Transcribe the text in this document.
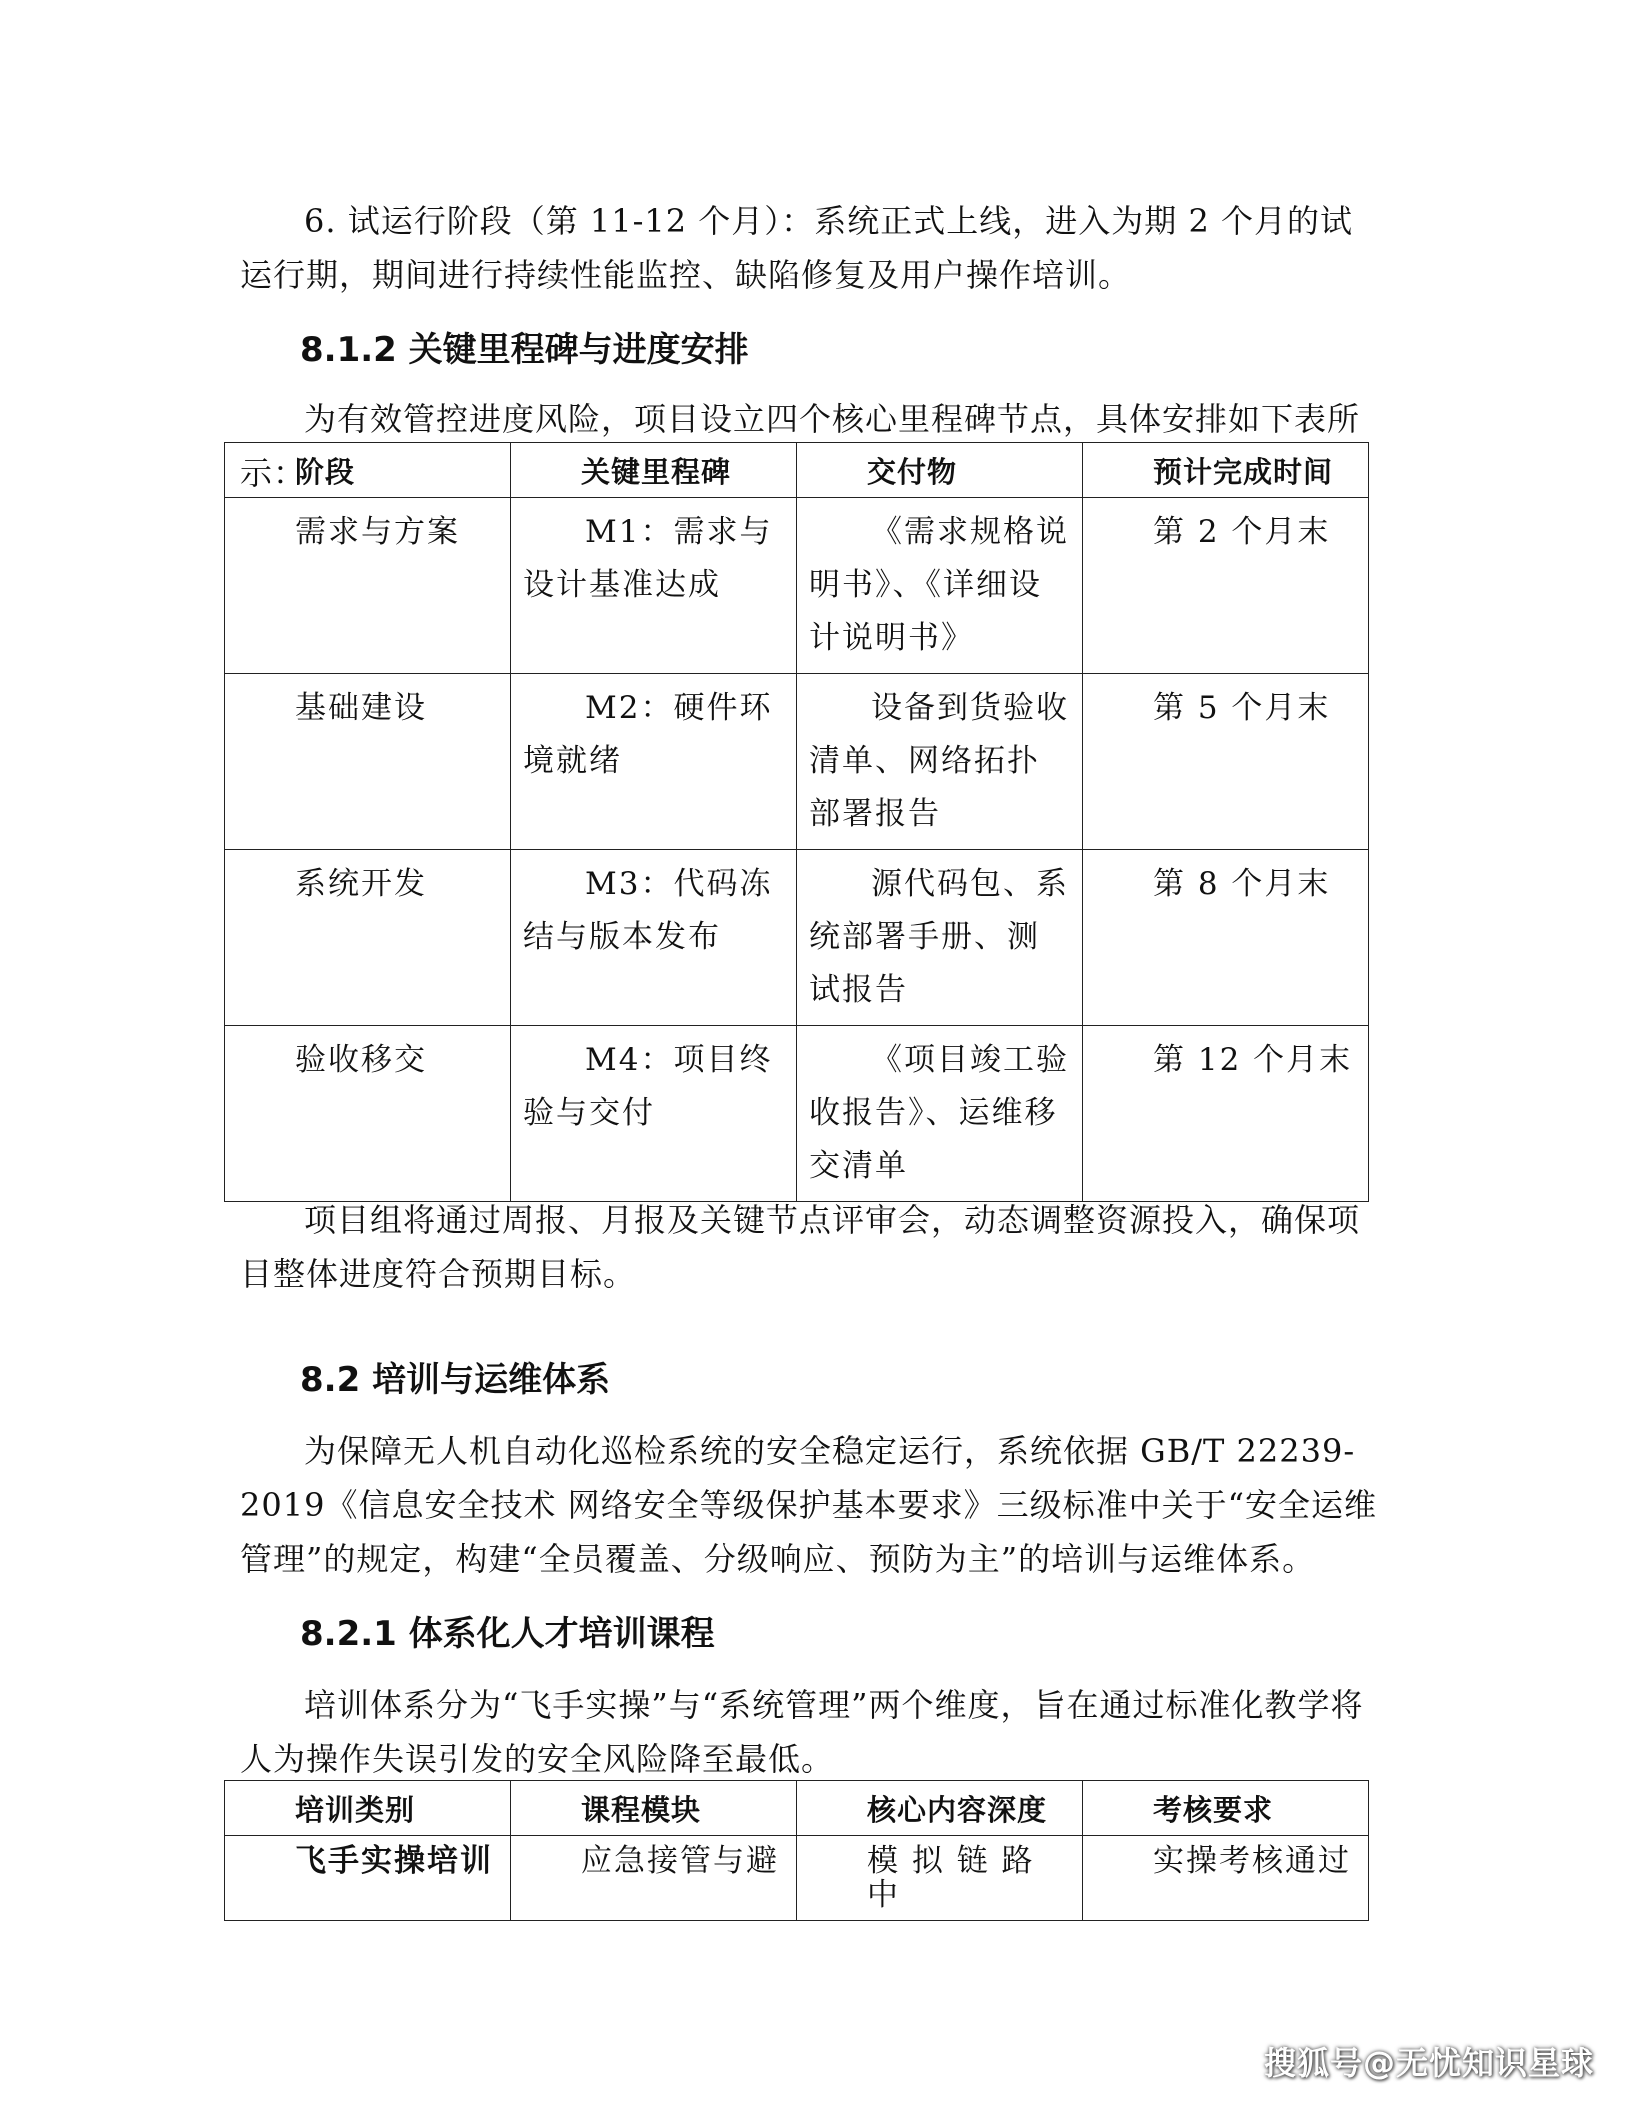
6. 试运行阶段（第 11-12 个月）：系统正式上线，进入为期 2 个月的试运行期，期间进行持续性能监控、缺陷修复及用户操作培训。

8.1.2 关键里程碑与进度安排

为有效管控进度风险，项目设立四个核心里程碑节点，具体安排如下表所示：

阶段	关键里程碑	交付物	预计完成时间
需求与方案	M1：需求与设计基准达成	《需求规格说明书》、《详细设计说明书》	第 2 个月末
基础建设	M2：硬件环境就绪	设备到货验收清单、网络拓扑部署报告	第 5 个月末
系统开发	M3：代码冻结与版本发布	源代码包、系统部署手册、测试报告	第 8 个月末
验收移交	M4：项目终验与交付	《项目竣工验收报告》、运维移交清单	第 12 个月末

项目组将通过周报、月报及关键节点评审会，动态调整资源投入，确保项目整体进度符合预期目标。

8.2 培训与运维体系

为保障无人机自动化巡检系统的安全稳定运行，系统依据 GB/T 22239-2019《信息安全技术 网络安全等级保护基本要求》三级标准中关于“安全运维管理”的规定，构建“全员覆盖、分级响应、预防为主”的培训与运维体系。

8.2.1 体系化人才培训课程

培训体系分为“飞手实操”与“系统管理”两个维度，旨在通过标准化教学将人为操作失误引发的安全风险降至最低。

培训类别	课程模块	核心内容深度	考核要求
飞手实操培训	应急接管与避	模 拟 链 路 中	实操考核通过
搜狐号@无忧知识星球
